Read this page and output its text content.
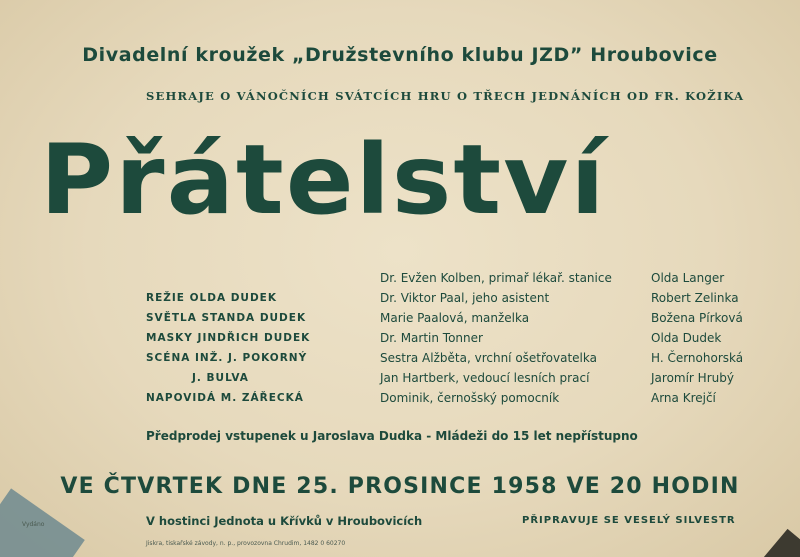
Divadelní kroužek „Družstevního klubu JZD” Hroubovice
SEHRAJE O VÁNOČNÍCH SVÁTCÍCH HRU O TŘECH JEDNÁNÍCH OD FR. KOŽIKA
Přátelství
REŽIE OLDA DUDEK
SVĚTLA STANDA DUDEK
MASKY JINDŘICH DUDEK
SCÉNA INŽ. J. POKORNÝ
J. BULVA
NAPOVIDÁ M. ZÁŘECKÁ
Dr. Evžen Kolben, primař lékař. stanice
Dr. Viktor Paal, jeho asistent
Marie Paalová, manželka
Dr. Martin Tonner
Sestra Alžběta, vrchní ošetřovatelka
Jan Hartberk, vedoucí lesních prací
Dominik, černošský pomocník
Olda Langer
Robert Zelinka
Božena Pírková
Olda Dudek
H. Černohorská
Jaromír Hrubý
Arna Krejčí
Předprodej vstupenek u Jaroslava Dudka - Mládeži do 15 let nepřístupno
VE ČTVRTEK DNE 25. PROSINCE 1958 VE 20 HODIN
V hostinci Jednota u Křívků v Hroubovicích	PŘIPRAVUJE SE VESELÝ SILVESTR
Jiskra, tiskařské závody, n. p., provozovna Chrudim, 1482 0 60270
Vydáno
